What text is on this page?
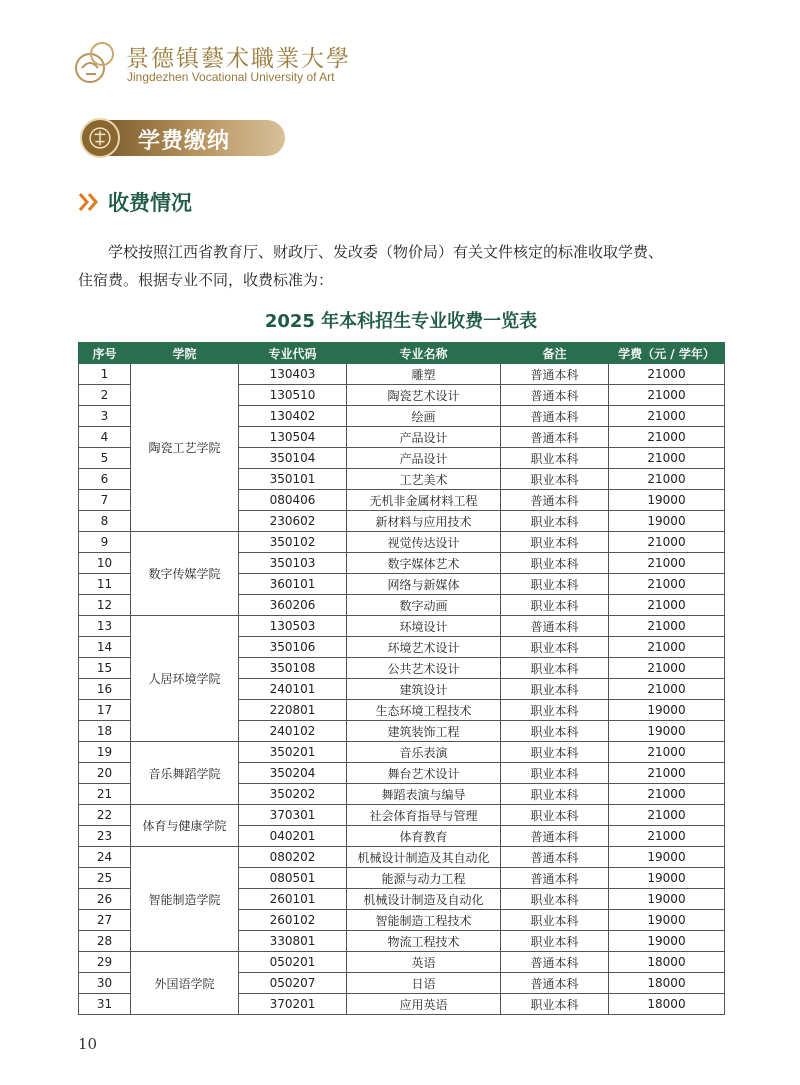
景德镇藝术職業大學
Jingdezhen Vocational University of Art
学费缴纳
收费情况
学校按照江西省教育厅、财政厅、发改委（物价局）有关文件核定的标准收取学费、
住宿费。根据专业不同，收费标准为：
2025 年本科招生专业收费一览表
序号	学院	专业代码	专业名称	备注	学费（元 / 学年）
1	陶瓷工艺学院	130403	雕塑	普通本科	21000
2		130510	陶瓷艺术设计	普通本科	21000
3		130402	绘画	普通本科	21000
4		130504	产品设计	普通本科	21000
5		350104	产品设计	职业本科	21000
6		350101	工艺美术	职业本科	21000
7		080406	无机非金属材料工程	普通本科	19000
8		230602	新材料与应用技术	职业本科	19000
9	数字传媒学院	350102	视觉传达设计	职业本科	21000
10		350103	数字媒体艺术	职业本科	21000
11		360101	网络与新媒体	职业本科	21000
12		360206	数字动画	职业本科	21000
13	人居环境学院	130503	环境设计	普通本科	21000
14		350106	环境艺术设计	职业本科	21000
15		350108	公共艺术设计	职业本科	21000
16		240101	建筑设计	职业本科	21000
17		220801	生态环境工程技术	职业本科	19000
18		240102	建筑装饰工程	职业本科	19000
19	音乐舞蹈学院	350201	音乐表演	职业本科	21000
20		350204	舞台艺术设计	职业本科	21000
21		350202	舞蹈表演与编导	职业本科	21000
22	体育与健康学院	370301	社会体育指导与管理	职业本科	21000
23		040201	体育教育	普通本科	21000
24	智能制造学院	080202	机械设计制造及其自动化	普通本科	19000
25		080501	能源与动力工程	普通本科	19000
26		260101	机械设计制造及自动化	职业本科	19000
27		260102	智能制造工程技术	职业本科	19000
28		330801	物流工程技术	职业本科	19000
29	外国语学院	050201	英语	普通本科	18000
30		050207	日语	普通本科	18000
31		370201	应用英语	职业本科	18000
10
